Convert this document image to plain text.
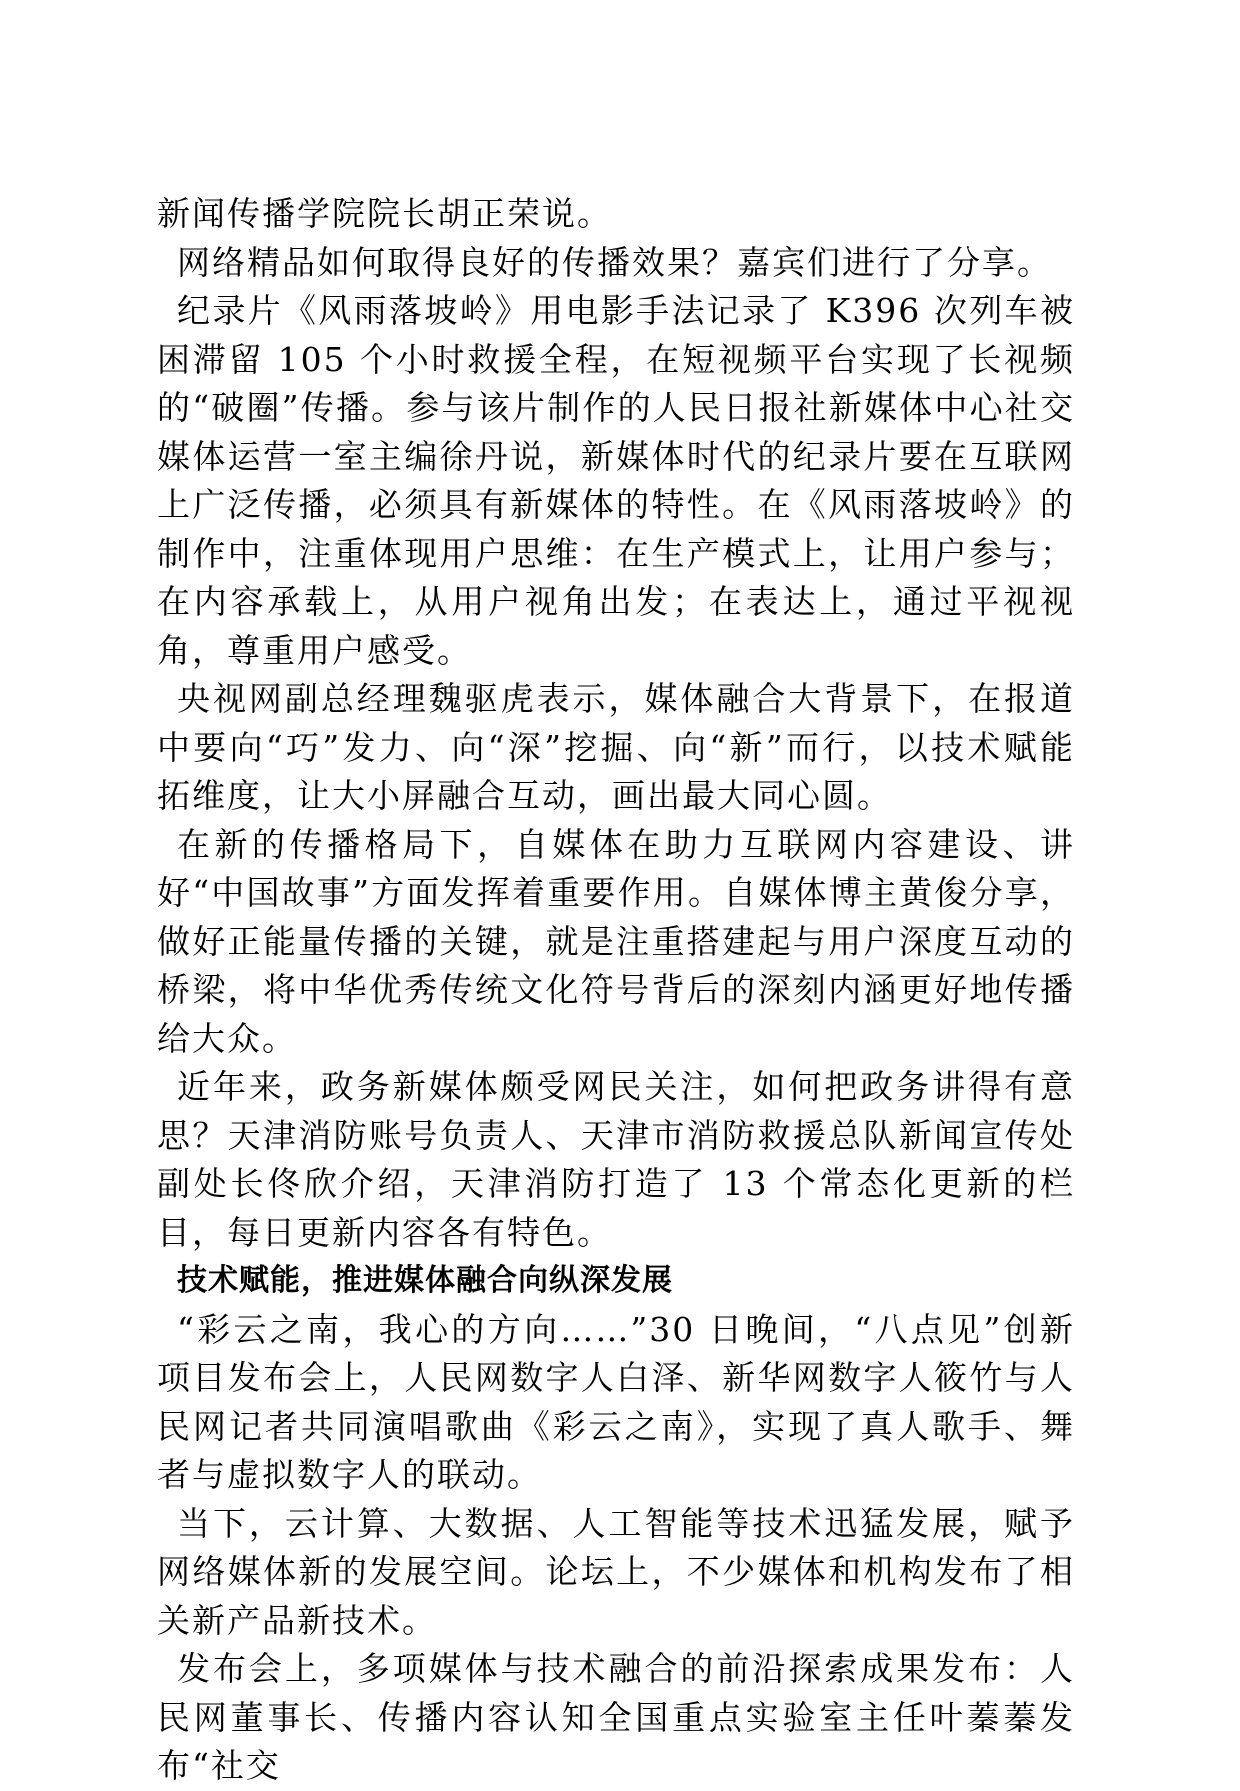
新闻传播学院院长胡正荣说。

网络精品如何取得良好的传播效果？嘉宾们进行了分享。

纪录片《风雨落坡岭》用电影手法记录了 K396 次列车被困滞留 105 个小时救援全程，在短视频平台实现了长视频的“破圈”传播。参与该片制作的人民日报社新媒体中心社交媒体运营一室主编徐丹说，新媒体时代的纪录片要在互联网上广泛传播，必须具有新媒体的特性。在《风雨落坡岭》的制作中，注重体现用户思维：在生产模式上，让用户参与；在内容承载上，从用户视角出发；在表达上，通过平视视角，尊重用户感受。

央视网副总经理魏驱虎表示，媒体融合大背景下，在报道中要向“巧”发力、向“深”挖掘、向“新”而行，以技术赋能拓维度，让大小屏融合互动，画出最大同心圆。

在新的传播格局下，自媒体在助力互联网内容建设、讲好“中国故事”方面发挥着重要作用。自媒体博主黄俊分享，做好正能量传播的关键，就是注重搭建起与用户深度互动的桥梁，将中华优秀传统文化符号背后的深刻内涵更好地传播给大众。

近年来，政务新媒体颇受网民关注，如何把政务讲得有意思？天津消防账号负责人、天津市消防救援总队新闻宣传处副处长佟欣介绍，天津消防打造了 13 个常态化更新的栏目，每日更新内容各有特色。

技术赋能，推进媒体融合向纵深发展

“彩云之南，我心的方向……”30 日晚间，“八点见”创新项目发布会上，人民网数字人白泽、新华网数字人筱竹与人民网记者共同演唱歌曲《彩云之南》，实现了真人歌手、舞者与虚拟数字人的联动。

当下，云计算、大数据、人工智能等技术迅猛发展，赋予网络媒体新的发展空间。论坛上，不少媒体和机构发布了相关新产品新技术。

发布会上，多项媒体与技术融合的前沿探索成果发布：人民网董事长、传播内容认知全国重点实验室主任叶蓁蓁发布“社交
